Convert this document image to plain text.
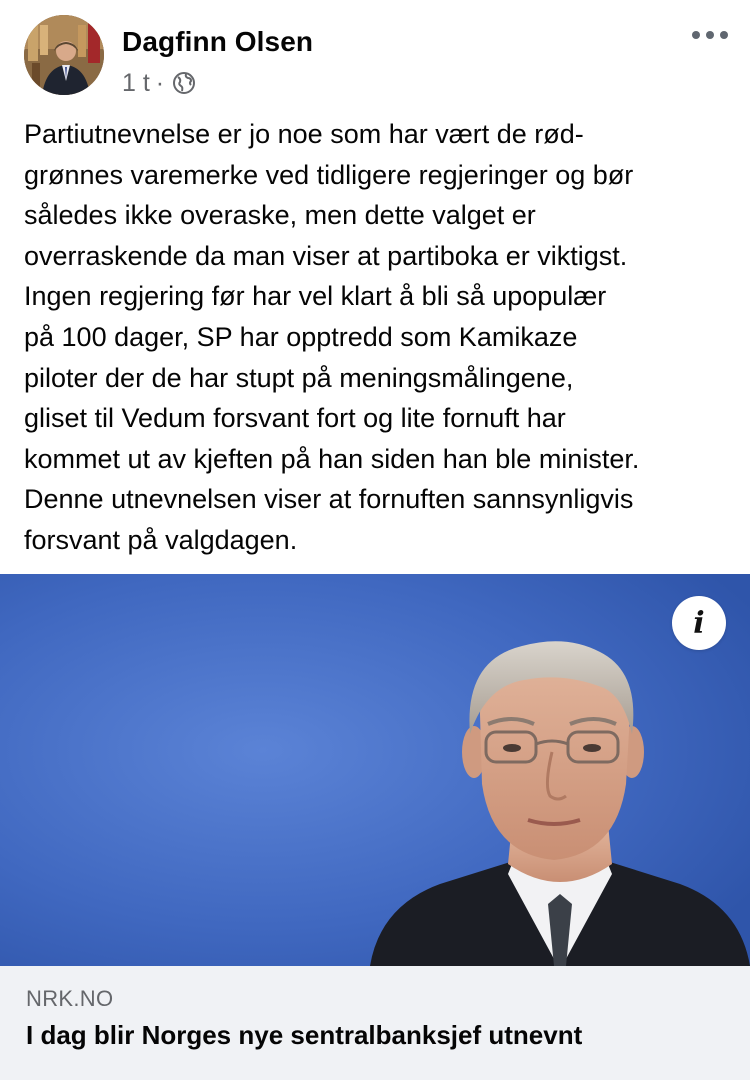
Dagfinn Olsen
1 t ·
Partiutnevnelse er jo noe som har vært de rød-
grønnes varemerke ved tidligere regjeringer og bør
således ikke overaske, men dette valget er
overraskende da man viser at partiboka er viktigst.
Ingen regjering før har vel klart å bli så upopulær
på 100 dager, SP har opptredd som Kamikaze
piloter der de har stupt på meningsmålingene,
gliset til Vedum forsvant fort og lite fornuft har
kommet ut av kjeften på han siden han ble minister.
Denne utnevnelsen viser at fornuften sannsynligvis
forsvant på valgdagen.
i
NRK.NO
I dag blir Norges nye sentralbanksjef utnevnt
